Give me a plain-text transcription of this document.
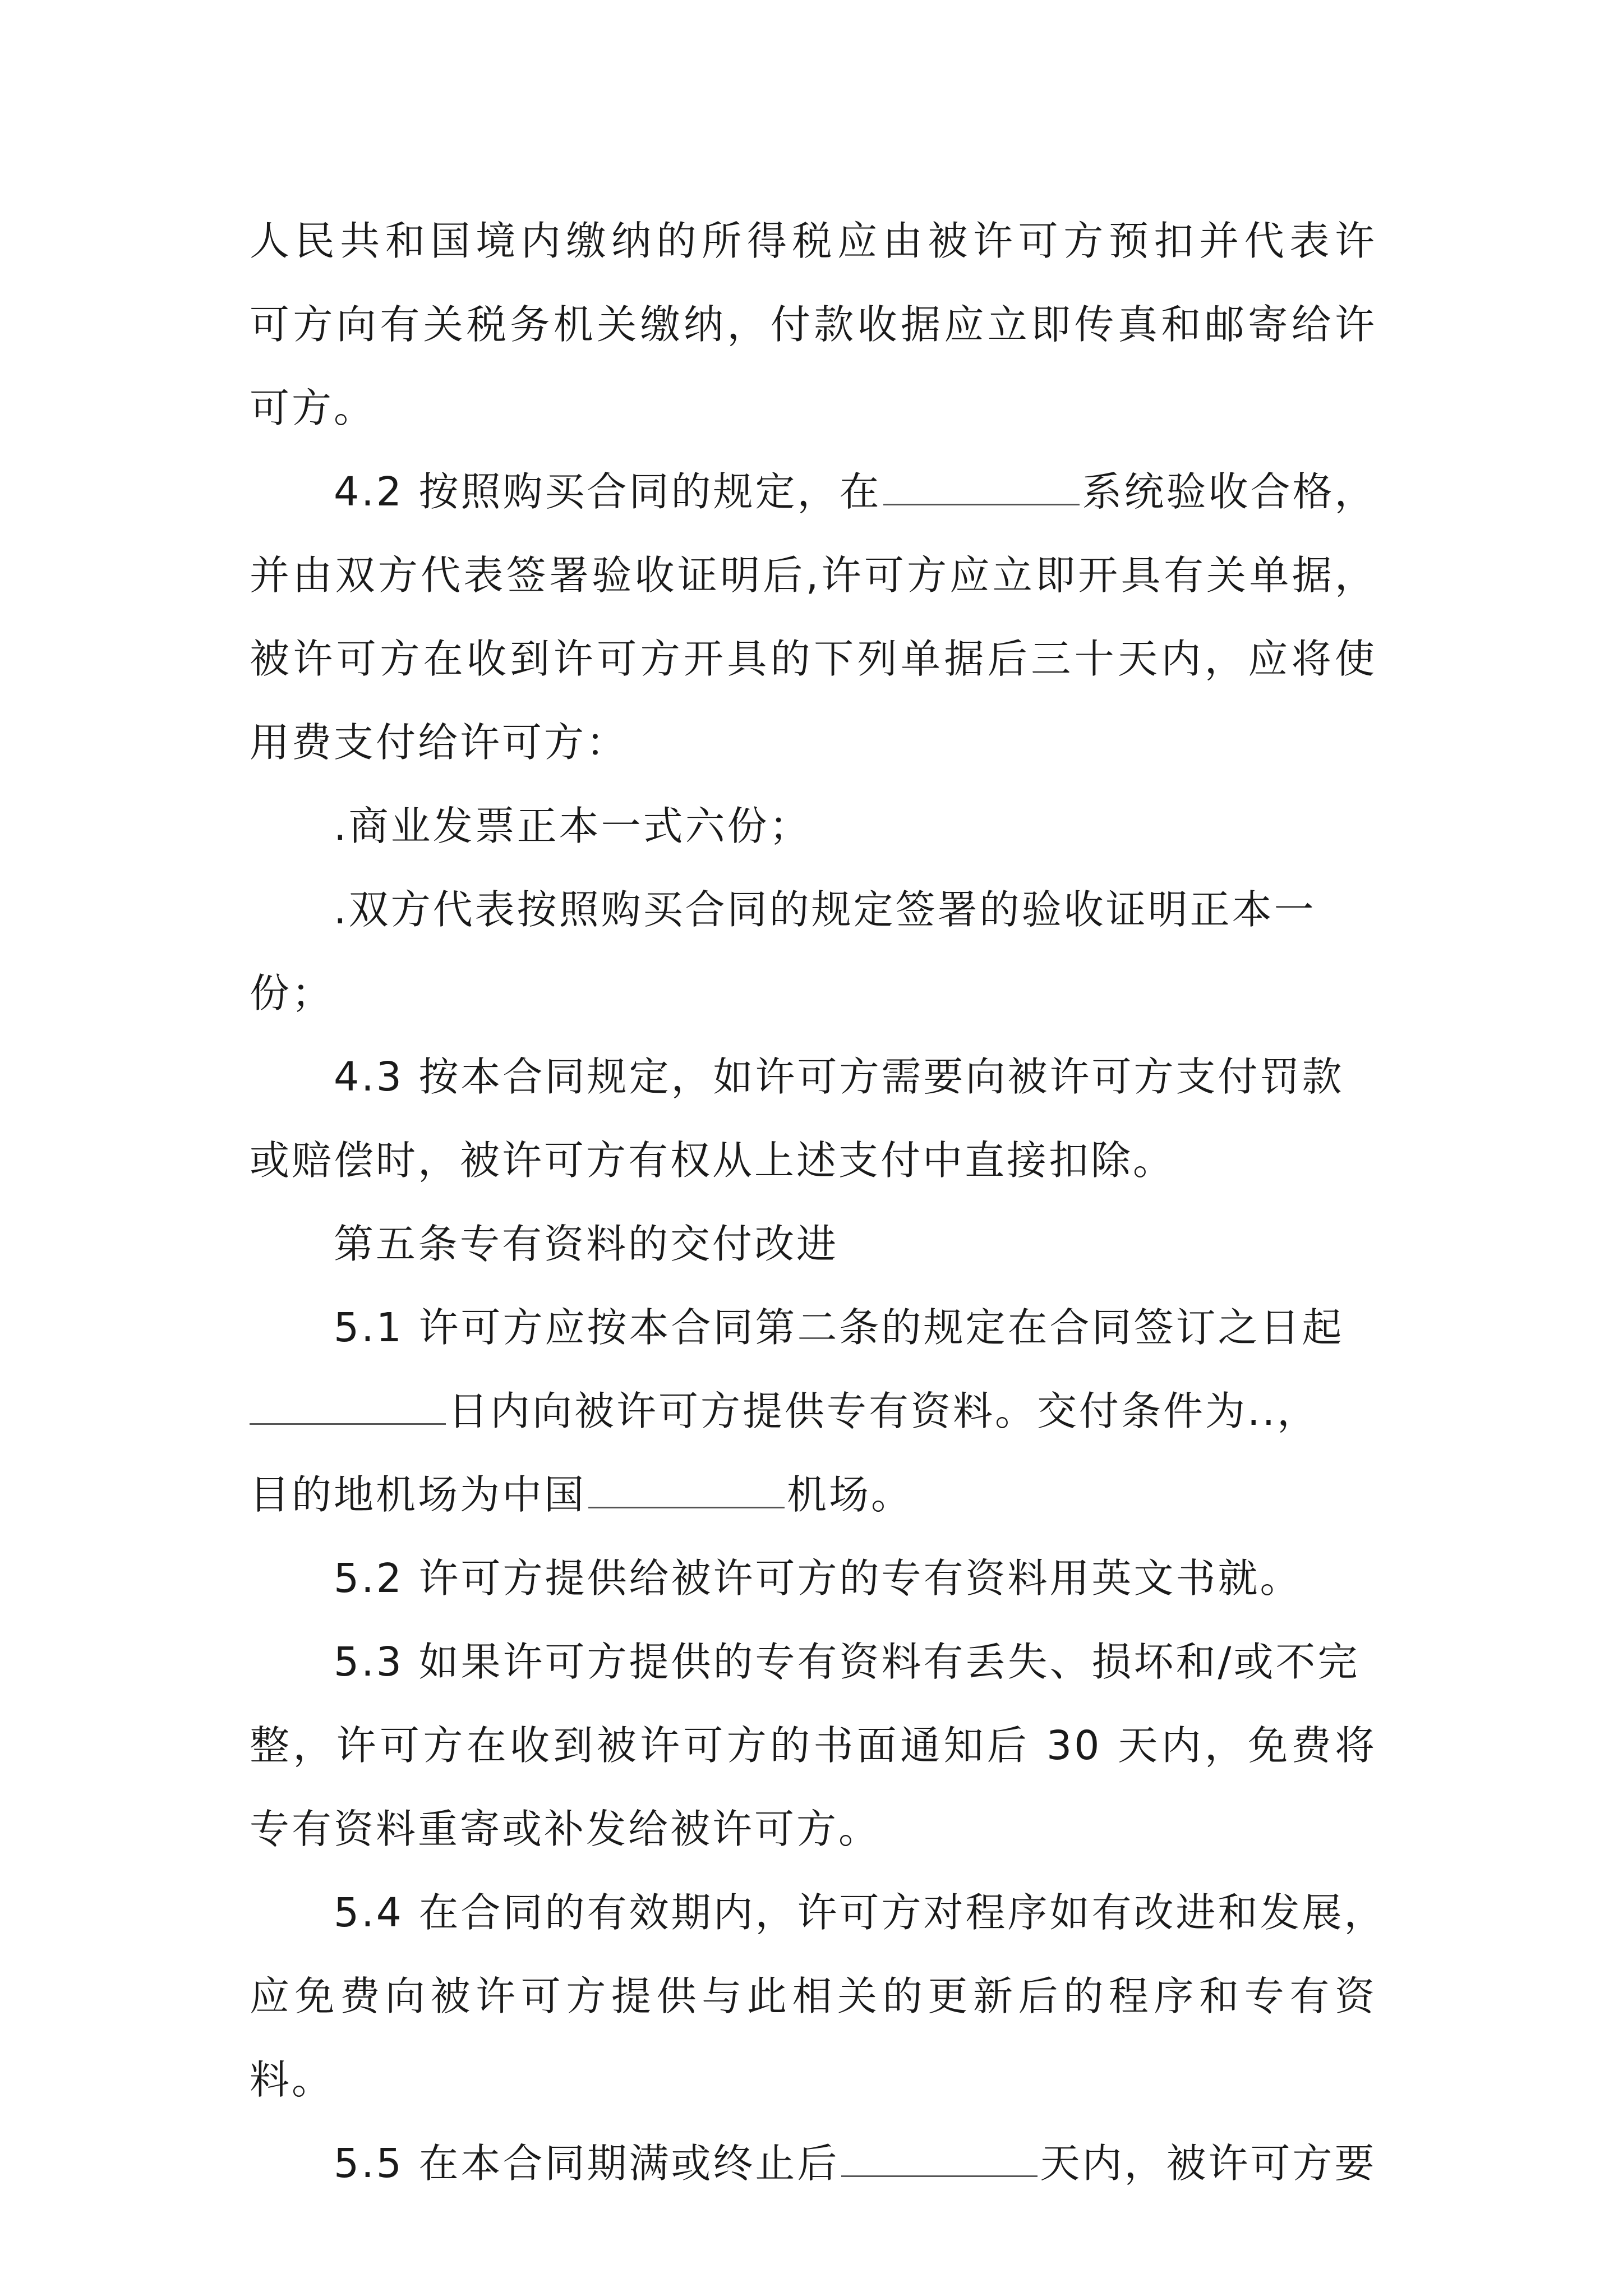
人民共和国境内缴纳的所得税应由被许可方预扣并代表许
可方向有关税务机关缴纳，付款收据应立即传真和邮寄给许
可方。
4.2 按照购买合同的规定，在	系统验收合格，
并由双方代表签署验收证明后,许可方应立即开具有关单据，
被许可方在收到许可方开具的下列单据后三十天内，应将使
用费支付给许可方：
.商业发票正本一式六份；
.双方代表按照购买合同的规定签署的验收证明正本一
份；
4.3 按本合同规定，如许可方需要向被许可方支付罚款
或赔偿时，被许可方有权从上述支付中直接扣除。
第五条专有资料的交付改进
5.1 许可方应按本合同第二条的规定在合同签订之日起
日内向被许可方提供专有资料。交付条件为..，
目的地机场为中国	机场。
5.2 许可方提供给被许可方的专有资料用英文书就。
5.3 如果许可方提供的专有资料有丢失、损坏和/或不完
整，许可方在收到被许可方的书面通知后 30 天内，免费将
专有资料重寄或补发给被许可方。
5.4 在合同的有效期内，许可方对程序如有改进和发展，
应免费向被许可方提供与此相关的更新后的程序和专有资
料。
5.5 在本合同期满或终止后	天内，被许可方要
